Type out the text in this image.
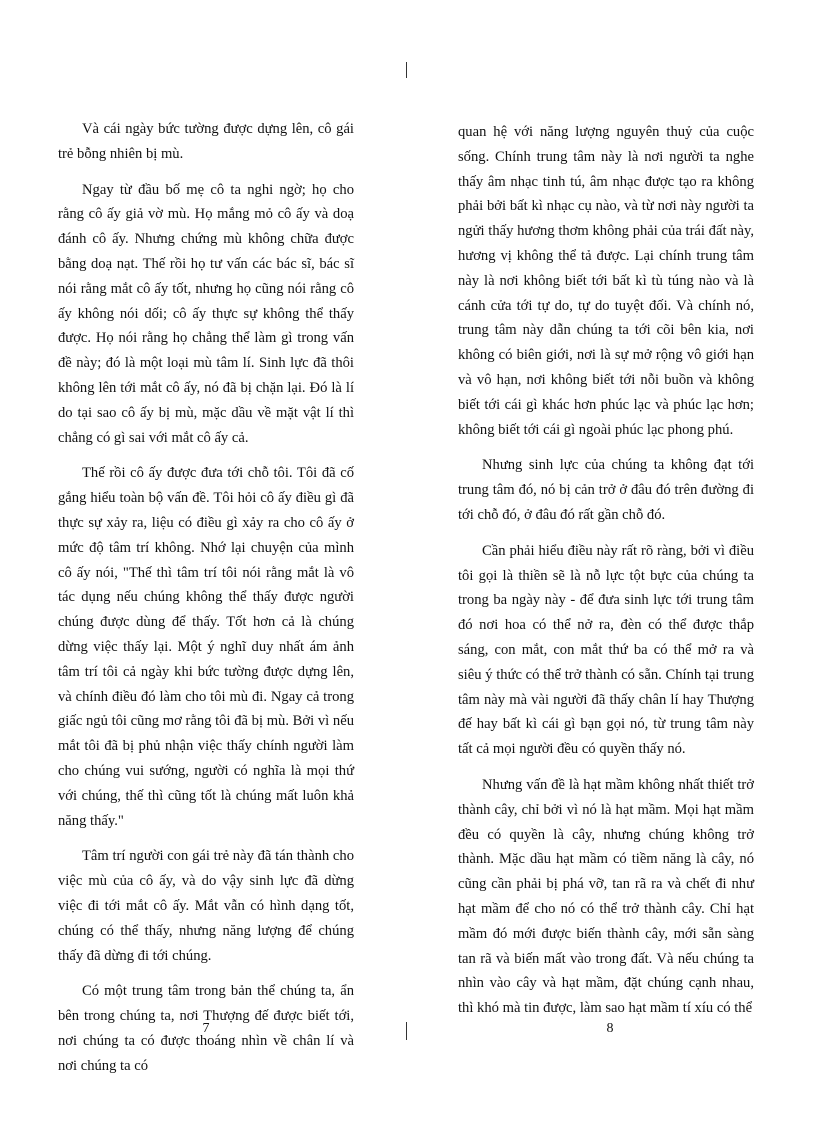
Và cái ngày bức tường được dựng lên, cô gái trẻ bỗng nhiên bị mù.

Ngay từ đầu bố mẹ cô ta nghi ngờ; họ cho rằng cô ấy giả vờ mù. Họ mắng mỏ cô ấy và doạ đánh cô ấy. Nhưng chứng mù không chữa được bằng doạ nạt. Thế rồi họ tư vấn các bác sĩ, bác sĩ nói rằng mắt cô ấy tốt, nhưng họ cũng nói rằng cô ấy không nói dối; cô ấy thực sự không thể thấy được. Họ nói rằng họ chẳng thể làm gì trong vấn đề này; đó là một loại mù tâm lí. Sinh lực đã thôi không lên tới mắt cô ấy, nó đã bị chặn lại. Đó là lí do tại sao cô ấy bị mù, mặc dầu về mặt vật lí thì chẳng có gì sai với mắt cô ấy cả.

Thế rồi cô ấy được đưa tới chỗ tôi. Tôi đã cố gắng hiểu toàn bộ vấn đề. Tôi hỏi cô ấy điều gì đã thực sự xảy ra, liệu có điều gì xảy ra cho cô ấy ở mức độ tâm trí không. Nhớ lại chuyện của mình cô ấy nói, "Thế thì tâm trí tôi nói rằng mắt là vô tác dụng nếu chúng không thể thấy được người chúng được dùng để thấy. Tốt hơn cả là chúng dừng việc thấy lại. Một ý nghĩ duy nhất ám ảnh tâm trí tôi cả ngày khi bức tường được dựng lên, và chính điều đó làm cho tôi mù đi. Ngay cả trong giấc ngủ tôi cũng mơ rằng tôi đã bị mù. Bởi vì nếu mắt tôi đã bị phủ nhận việc thấy chính người làm cho chúng vui sướng, người có nghĩa là mọi thứ với chúng, thế thì cũng tốt là chúng mất luôn khả năng thấy."

Tâm trí người con gái trẻ này đã tán thành cho việc mù của cô ấy, và do vậy sinh lực đã dừng việc đi tới mắt cô ấy. Mắt vẫn có hình dạng tốt, chúng có thể thấy, nhưng năng lượng để chúng thấy đã dừng đi tới chúng.

Có một trung tâm trong bản thể chúng ta, ẩn bên trong chúng ta, nơi Thượng đế được biết tới, nơi chúng ta có được thoáng nhìn về chân lí và nơi chúng ta có

quan hệ với năng lượng nguyên thuỷ của cuộc sống. Chính trung tâm này là nơi người ta nghe thấy âm nhạc tinh tú, âm nhạc được tạo ra không phải bởi bất kì nhạc cụ nào, và từ nơi này người ta ngửi thấy hương thơm không phải của trái đất này, hương vị không thể tả được. Lại chính trung tâm này là nơi không biết tới bất kì tù túng nào và là cánh cửa tới tự do, tự do tuyệt đối. Và chính nó, trung tâm này dẫn chúng ta tới cõi bên kia, nơi không có biên giới, nơi là sự mở rộng vô giới hạn và vô hạn, nơi không biết tới nỗi buồn và không biết tới cái gì khác hơn phúc lạc và phúc lạc hơn; không biết tới cái gì ngoài phúc lạc phong phú.

Nhưng sinh lực của chúng ta không đạt tới trung tâm đó, nó bị cản trở ở đâu đó trên đường đi tới chỗ đó, ở đâu đó rất gần chỗ đó.

Cần phải hiểu điều này rất rõ ràng, bởi vì điều tôi gọi là thiền sẽ là nỗ lực tột bực của chúng ta trong ba ngày này - để đưa sinh lực tới trung tâm đó nơi hoa có thể nở ra, đèn có thể được thắp sáng, con mắt, con mắt thứ ba có thể mở ra và siêu ý thức có thể trở thành có sẵn. Chính tại trung tâm này mà vài người đã thấy chân lí hay Thượng đế hay bất kì cái gì bạn gọi nó, từ trung tâm này tất cả mọi người đều có quyền thấy nó.

Nhưng vấn đề là hạt mầm không nhất thiết trở thành cây, chỉ bởi vì nó là hạt mầm. Mọi hạt mầm đều có quyền là cây, nhưng chúng không trở thành. Mặc dầu hạt mầm có tiềm năng là cây, nó cũng cần phải bị phá vỡ, tan rã ra và chết đi như hạt mầm để cho nó có thể trở thành cây. Chỉ hạt mầm đó mới được biến thành cây, mới sẵn sàng tan rã và biến mất vào trong đất. Và nếu chúng ta nhìn vào cây và hạt mầm, đặt chúng cạnh nhau, thì khó mà tin được, làm sao hạt mầm tí xíu có thể

7	8
